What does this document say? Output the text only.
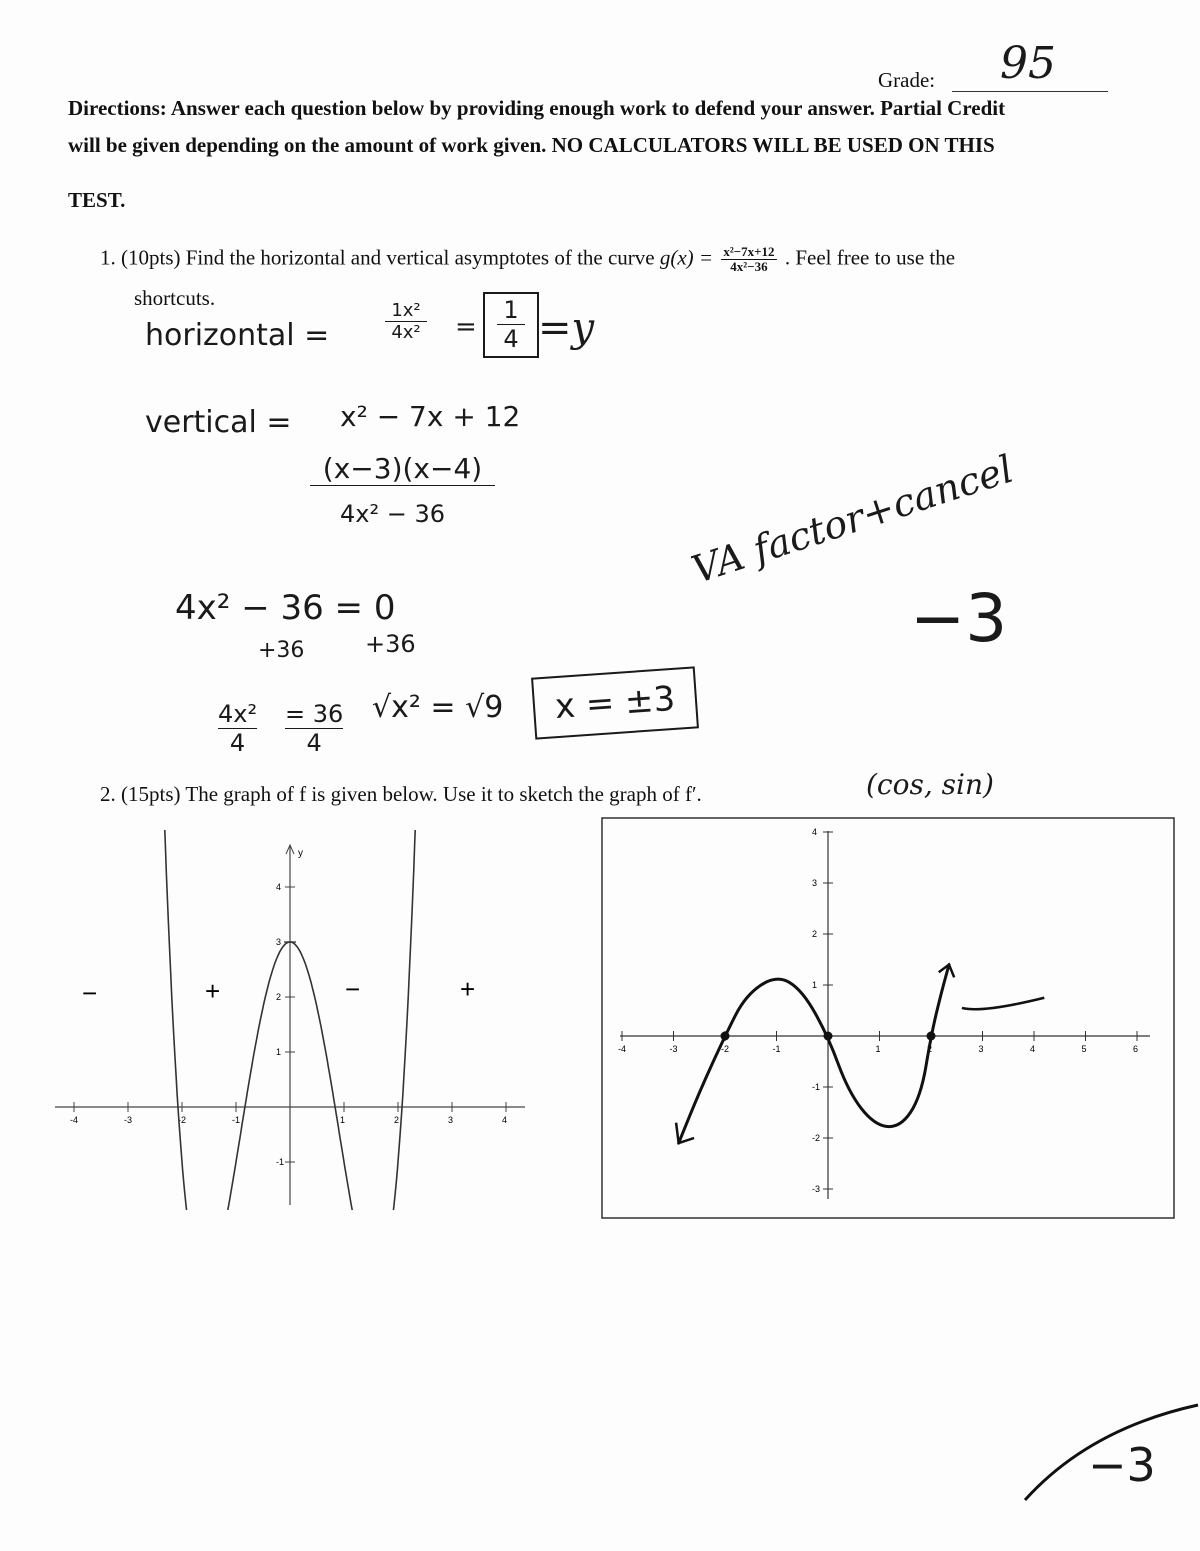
95
Grade:
Directions: Answer each question below by providing enough work to defend your answer. Partial Credit
will be given depending on the amount of work given. NO CALCULATORS WILL BE USED ON THIS
TEST.
1. (10pts) Find the horizontal and vertical asymptotes of the curve $g(x) = \frac{\text{x²−7x+12}}{\text{4x²−36}}$ . Feel free to use the
shortcuts.
horizontal =	$\frac{\text{1x²}}{\text{4x²}} = \frac{1}{4} =y$
vertical = x² − 7x + 12
(x−3)(x−4)
4x² − 36
4x² − 36 = 0
+36	+36
$\frac{\text{4x²}}{4} = 36$
4
√x² = √9	x = ±3
VA factor+cancel
−3
(cos, sin)
2. (15pts) The graph of f is given below. Use it to sketch the graph of f′.
y
-4	-3	-2	-1	1	2	3	4
-1
1
2
3
4
−	+	−	+
-4	-3	-2	-1	1	2	3	4	5	6
-3
-2
-1
1
2
3
4
−3
